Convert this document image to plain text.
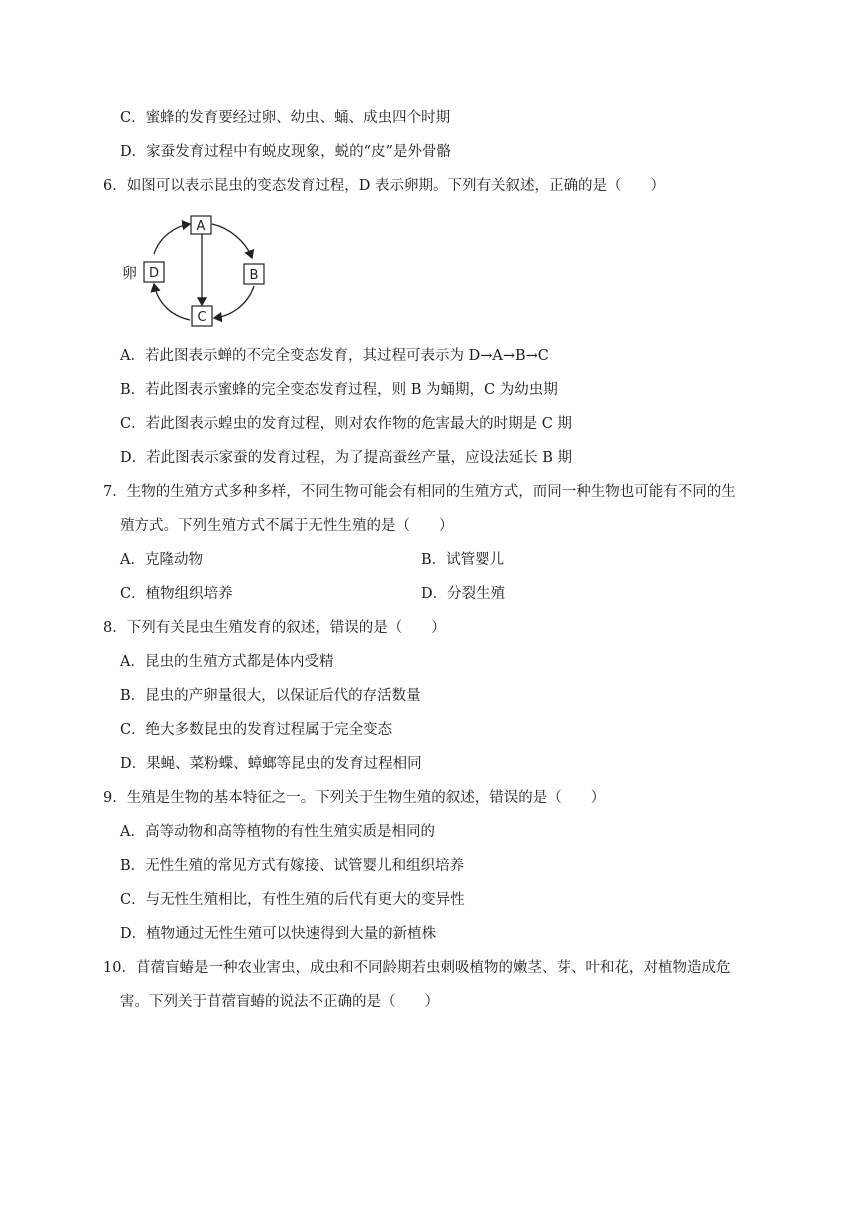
C．蜜蜂的发育要经过卵、幼虫、蛹、成虫四个时期
D．家蚕发育过程中有蜕皮现象，蜕的“皮”是外骨骼
6．如图可以表示昆虫的变态发育过程，D 表示卵期。下列有关叙述，正确的是（　　）
A
B
C
D
卵
A．若此图表示蝉的不完全变态发育，其过程可表示为 D→A→B→C
B．若此图表示蜜蜂的完全变态发育过程，则 B 为蛹期，C 为幼虫期
C．若此图表示蝗虫的发育过程，则对农作物的危害最大的时期是 C 期
D．若此图表示家蚕的发育过程，为了提高蚕丝产量，应设法延长 B 期
7．生物的生殖方式多种多样，不同生物可能会有相同的生殖方式，而同一种生物也可能有不同的生
殖方式。下列生殖方式不属于无性生殖的是（　　）
A．克隆动物	B．试管婴儿
C．植物组织培养	D．分裂生殖
8．下列有关昆虫生殖发育的叙述，错误的是（　　）
A．昆虫的生殖方式都是体内受精
B．昆虫的产卵量很大，以保证后代的存活数量
C．绝大多数昆虫的发育过程属于完全变态
D．果蝇、菜粉蝶、蟑螂等昆虫的发育过程相同
9．生殖是生物的基本特征之一。下列关于生物生殖的叙述，错误的是（　　）
A．高等动物和高等植物的有性生殖实质是相同的
B．无性生殖的常见方式有嫁接、试管婴儿和组织培养
C．与无性生殖相比，有性生殖的后代有更大的变异性
D．植物通过无性生殖可以快速得到大量的新植株
10．苜蓿盲蝽是一种农业害虫，成虫和不同龄期若虫刺吸植物的嫩茎、芽、叶和花，对植物造成危
害。下列关于苜蓿盲蝽的说法不正确的是（　　）
